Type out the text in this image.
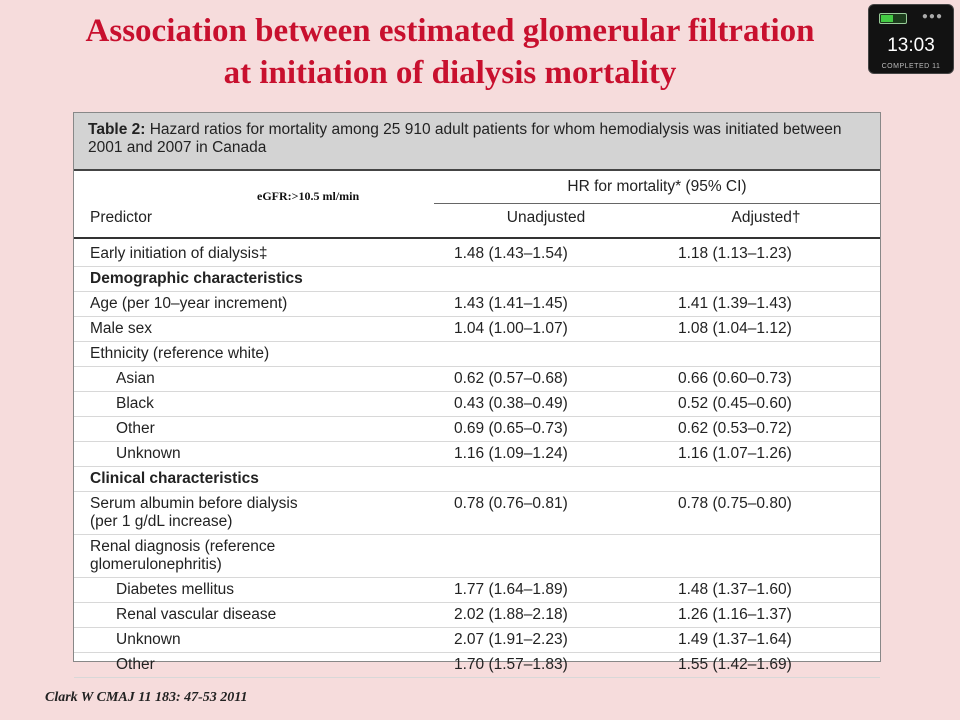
Association between estimated glomerular filtration
at initiation of dialysis mortality
●●●
13:03
COMPLETED 11
Table 2: Hazard ratios for mortality among 25 910 adult patients for whom hemodialysis was initiated between 2001 and 2007 in Canada
eGFR:>10.5 ml/min
HR for mortality* (95% CI)
Predictor	Unadjusted	Adjusted†
Early initiation of dialysis‡	1.48 (1.43–1.54)	1.18 (1.13–1.23)
Demographic characteristics
Age (per 10–year increment)	1.43 (1.41–1.45)	1.41 (1.39–1.43)
Male sex	1.04 (1.00–1.07)	1.08 (1.04–1.12)
Ethnicity (reference white)
Asian	0.62 (0.57–0.68)	0.66 (0.60–0.73)
Black	0.43 (0.38–0.49)	0.52 (0.45–0.60)
Other	0.69 (0.65–0.73)	0.62 (0.53–0.72)
Unknown	1.16 (1.09–1.24)	1.16 (1.07–1.26)
Clinical characteristics
Serum albumin before dialysis
(per 1 g/dL increase)
0.78 (0.76–0.81)	0.78 (0.75–0.80)
Renal diagnosis (reference
glomerulonephritis)
Diabetes mellitus	1.77 (1.64–1.89)	1.48 (1.37–1.60)
Renal vascular disease	2.02 (1.88–2.18)	1.26 (1.16–1.37)
Unknown	2.07 (1.91–2.23)	1.49 (1.37–1.64)
Other	1.70 (1.57–1.83)	1.55 (1.42–1.69)
Clark W CMAJ 11 183: 47-53 2011
